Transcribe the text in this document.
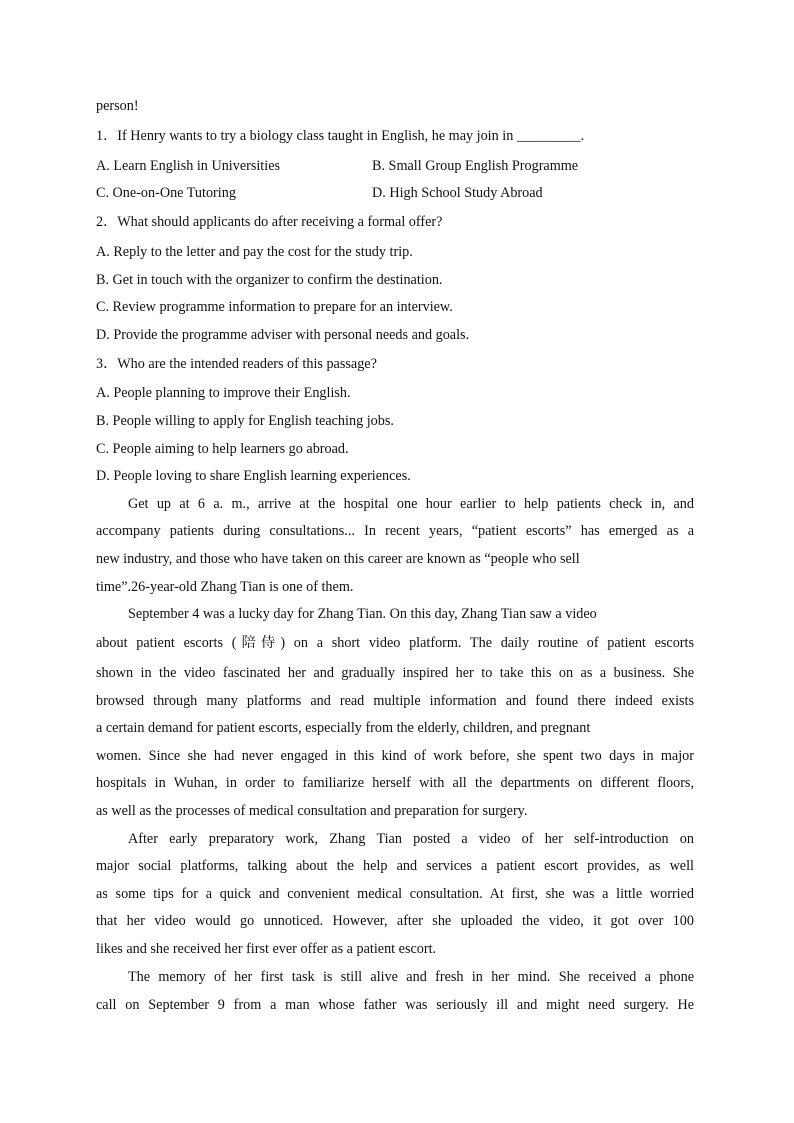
person!
1．If Henry wants to try a biology class taught in English, he may join in _________.
A. Learn English in Universities	B. Small Group English Programme
C. One-on-One Tutoring	D. High School Study Abroad
2．What should applicants do after receiving a formal offer?
A. Reply to the letter and pay the cost for the study trip.
B. Get in touch with the organizer to confirm the destination.
C. Review programme information to prepare for an interview.
D. Provide the programme adviser with personal needs and goals.
3．Who are the intended readers of this passage?
A. People planning to improve their English.
B. People willing to apply for English teaching jobs.
C. People aiming to help learners go abroad.
D. People loving to share English learning experiences.
Get up at 6 a. m., arrive at the hospital one hour earlier to help patients check in, and
accompany patients during consultations... In recent years, “patient escorts” has emerged as a
new industry, and those who have taken on this career are known as “people who sell
time”.26-year-old Zhang Tian is one of them.
September 4 was a lucky day for Zhang Tian. On this day, Zhang Tian saw a video
about patient escorts (陪侍) on a short video platform. The daily routine of patient escorts
shown in the video fascinated her and gradually inspired her to take this on as a business. She
browsed through many platforms and read multiple information and found there indeed exists
a certain demand for patient escorts, especially from the elderly, children, and pregnant
women. Since she had never engaged in this kind of work before, she spent two days in major
hospitals in Wuhan, in order to familiarize herself with all the departments on different floors,
as well as the processes of medical consultation and preparation for surgery.
After early preparatory work, Zhang Tian posted a video of her self-introduction on
major social platforms, talking about the help and services a patient escort provides, as well
as some tips for a quick and convenient medical consultation. At first, she was a little worried
that her video would go unnoticed. However, after she uploaded the video, it got over 100
likes and she received her first ever offer as a patient escort.
The memory of her first task is still alive and fresh in her mind. She received a phone
call on September 9 from a man whose father was seriously ill and might need surgery. He
